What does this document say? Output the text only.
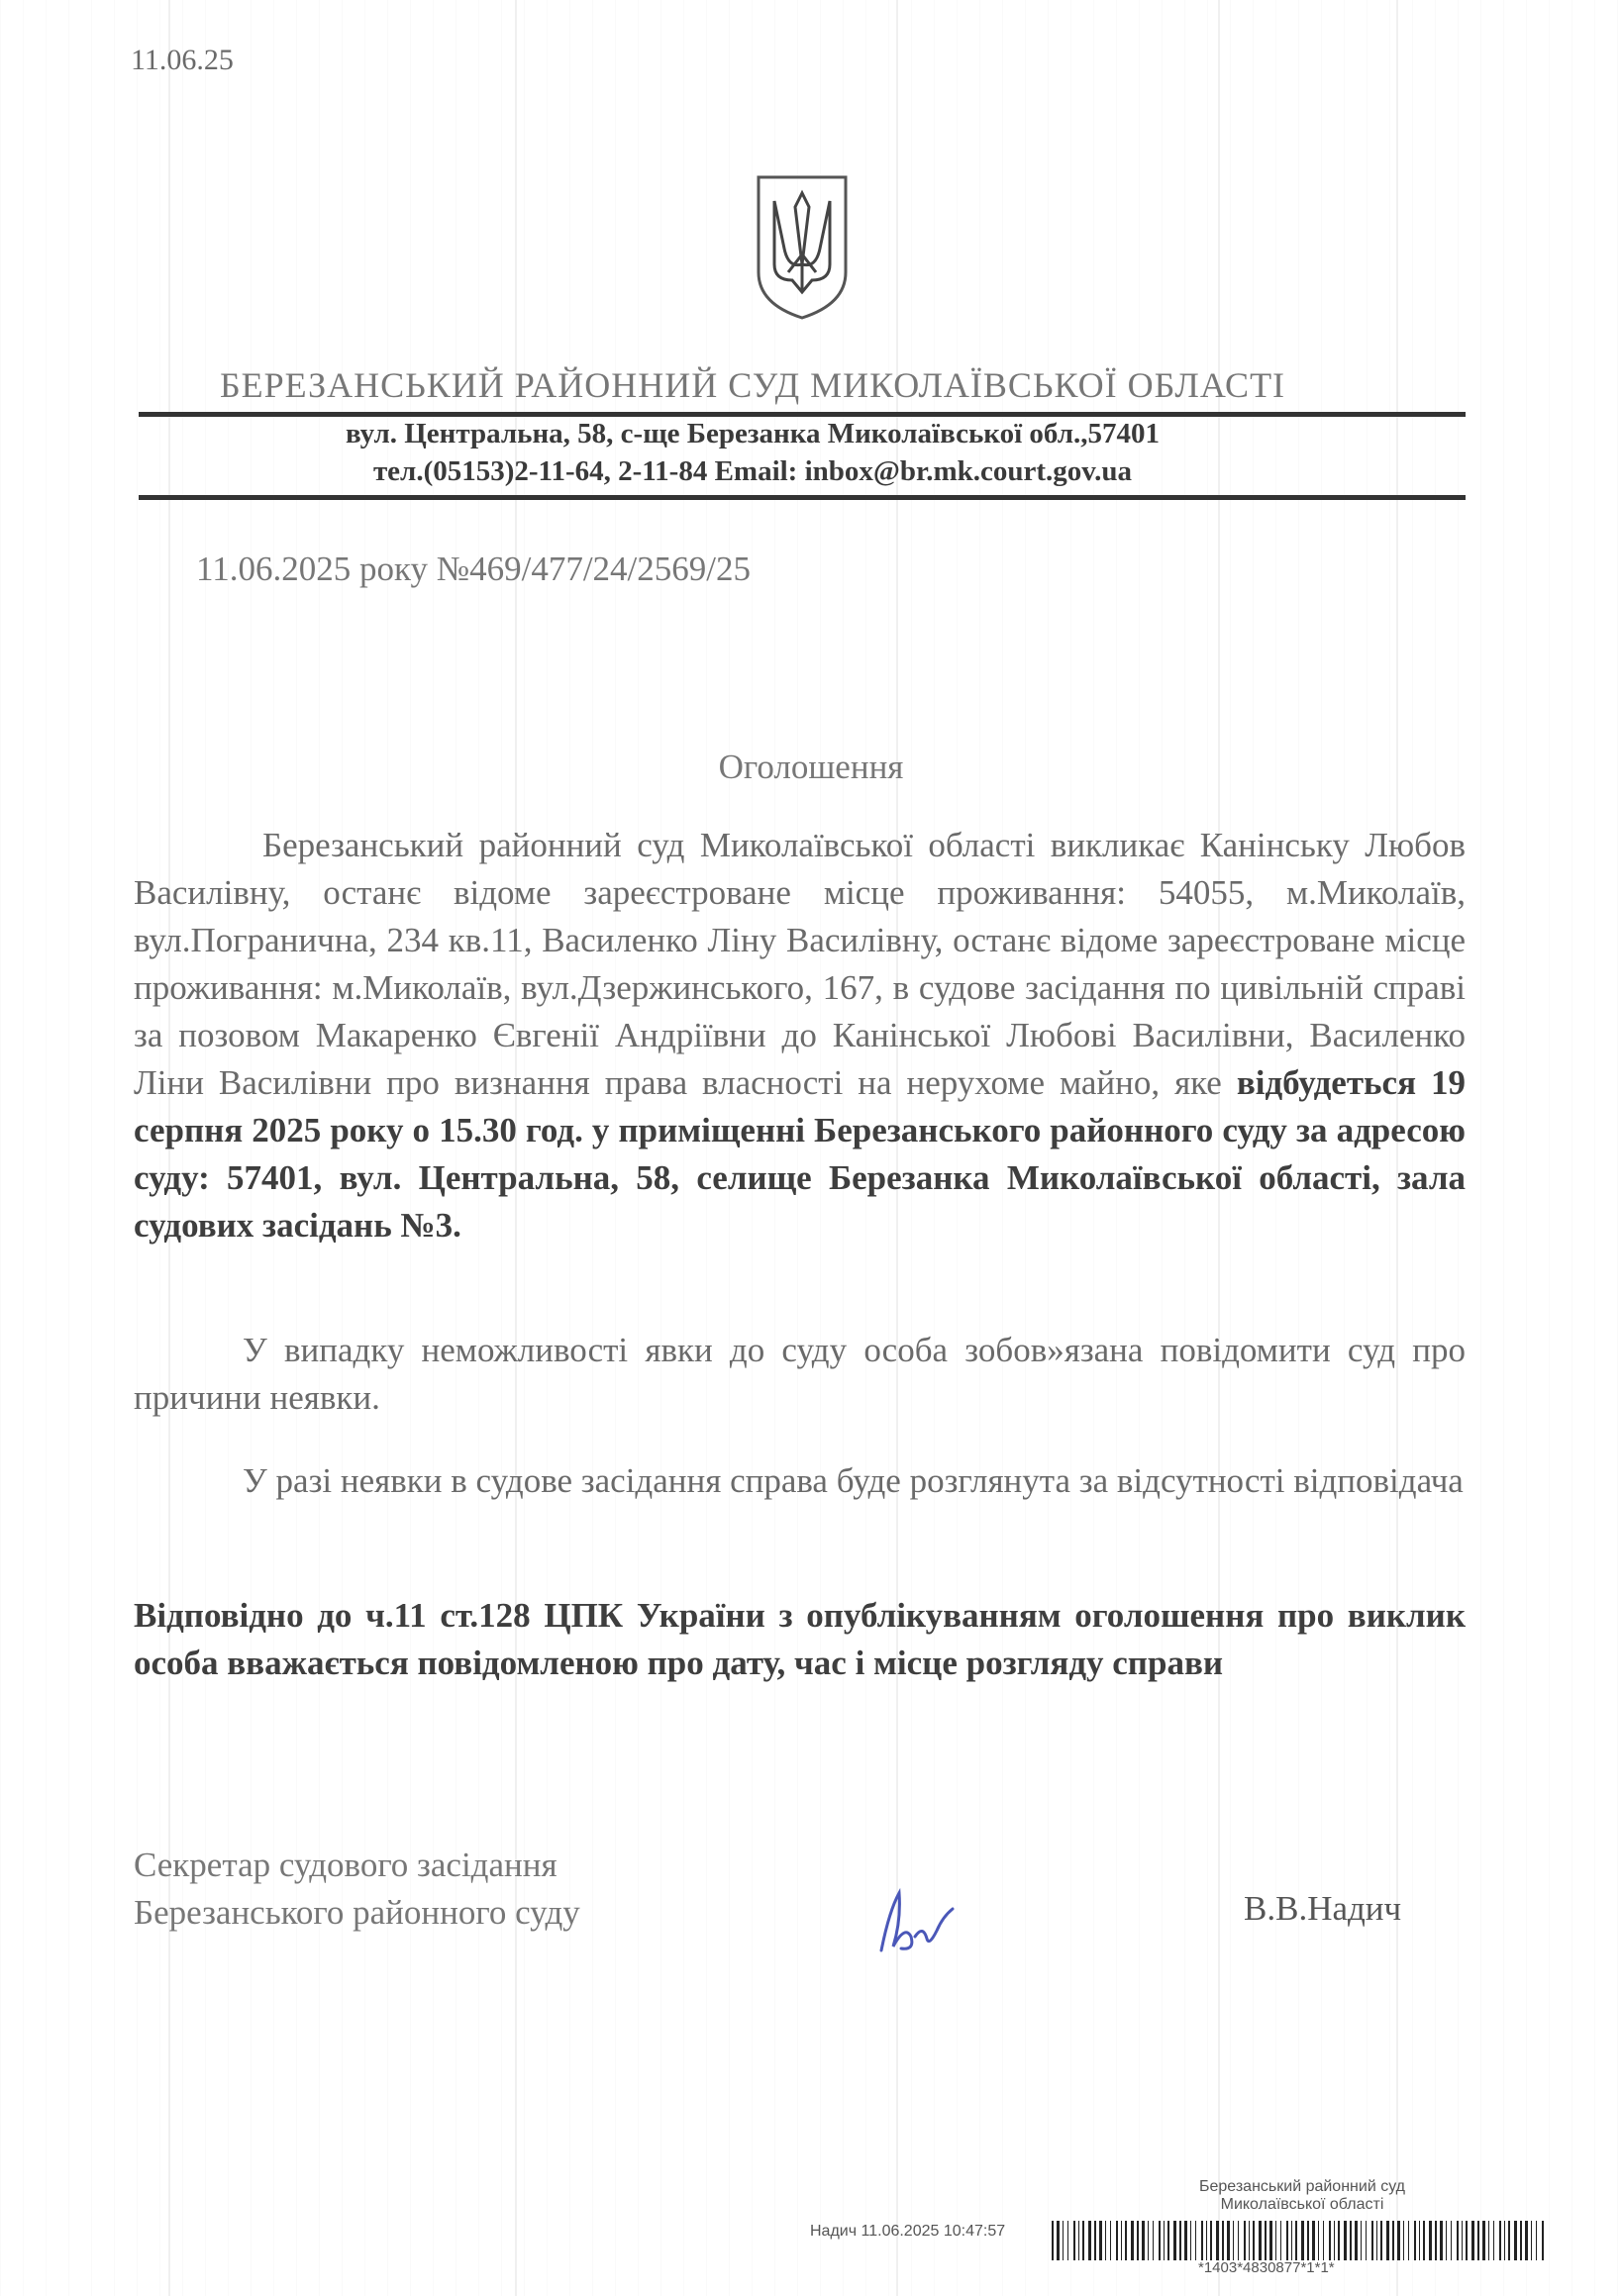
11.06.25
БЕРЕЗАНСЬКИЙ РАЙОННИЙ СУД МИКОЛАЇВСЬКОЇ ОБЛАСТІ
вул. Центральна, 58, с-ще Березанка Миколаївської обл.,57401
тел.(05153)2-11-64, 2-11-84 Email: inbox@br.mk.court.gov.ua
11.06.2025 року №469/477/24/2569/25
Оголошення
Березанський районний суд Миколаївської області викликає Канінську Любов Василівну, останє відоме зареєстроване місце проживання: 54055, м.Миколаїв, вул.Погранична, 234 кв.11, Василенко Ліну Василівну, останє відоме зареєстроване місце проживання: м.Миколаїв, вул.Дзержинського, 167, в судове засідання по цивільній справі за позовом Макаренко Євгенії Андріївни до Канінської Любові Василівни, Василенко Ліни Василівни про визнання права власності на нерухоме майно, яке відбудеться 19 серпня 2025 року о 15.30 год. у приміщенні Березанського районного суду за адресою суду: 57401, вул. Центральна, 58, селище Березанка Миколаївської області, зала судових засідань №3.
У випадку неможливості явки до суду особа зобов»язана повідомити суд про причини неявки.
У разі неявки в судове засідання справа буде розглянута за відсутності відповідача
Відповідно до ч.11 ст.128 ЦПК України з опублікуванням оголошення про виклик особа вважається повідомленою про дату, час і місце розгляду справи
Секретар судового засідання
Березанського районного суду	В.В.Надич
Березанський районний суд
Миколаївської області
Надич 11.06.2025 10:47:57
*1403*4830877*1*1*
